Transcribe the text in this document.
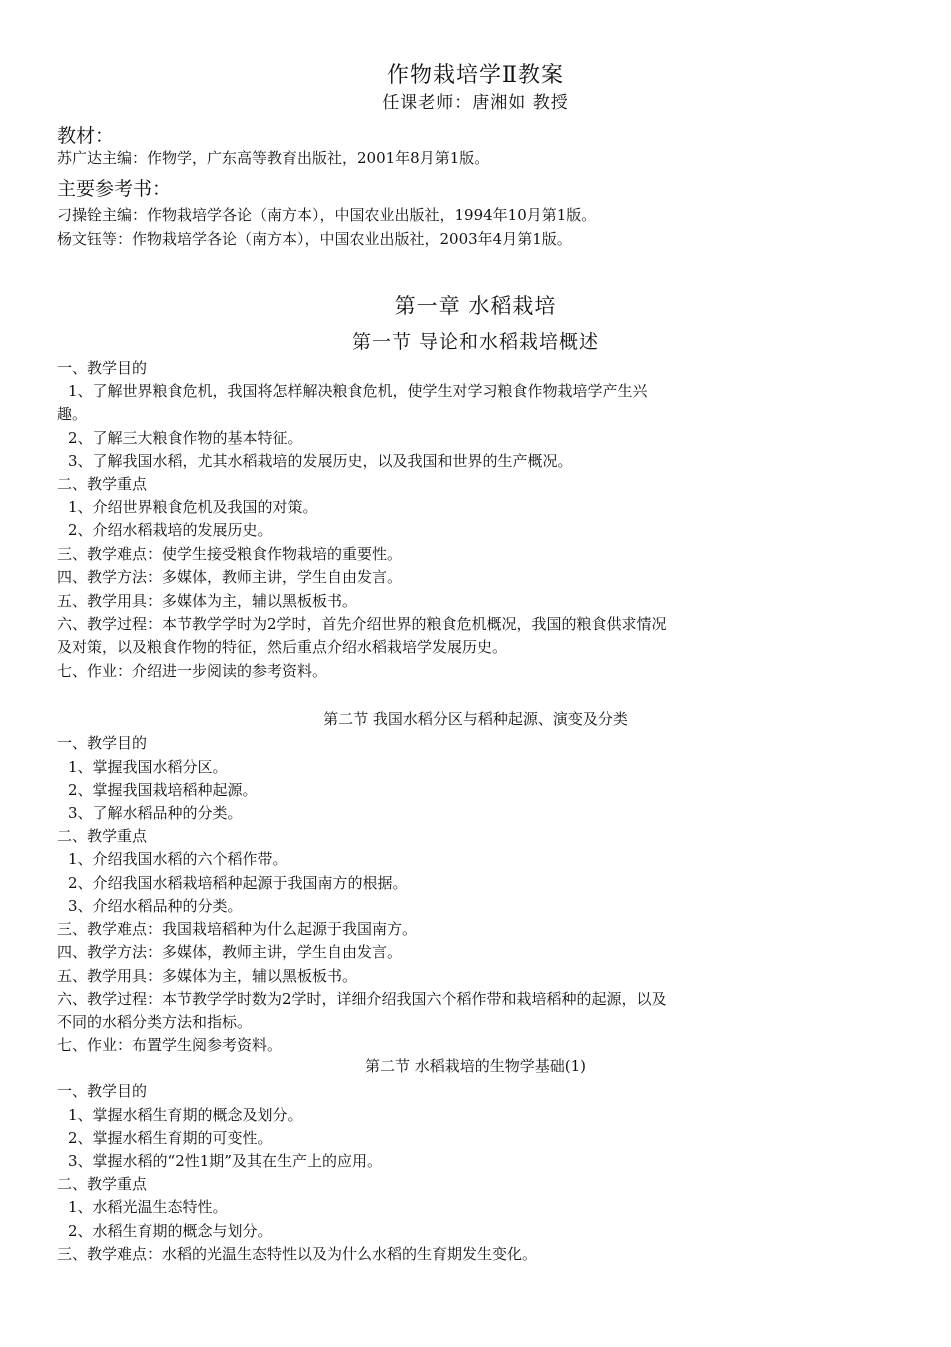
作物栽培学Ⅱ教案
任课老师：唐湘如 教授
教材：
苏广达主编：作物学，广东高等教育出版社，2001年8月第1版。
主要参考书：
刁操铨主编：作物栽培学各论（南方本），中国农业出版社，1994年10月第1版。
杨文钰等：作物栽培学各论（南方本），中国农业出版社，2003年4月第1版。
第一章 水稻栽培
第一节 导论和水稻栽培概述
一、教学目的
1、了解世界粮食危机，我国将怎样解决粮食危机，使学生对学习粮食作物栽培学产生兴
趣。
2、了解三大粮食作物的基本特征。
3、了解我国水稻，尤其水稻栽培的发展历史，以及我国和世界的生产概况。
二、教学重点
1、介绍世界粮食危机及我国的对策。
2、介绍水稻栽培的发展历史。
三、教学难点：使学生接受粮食作物栽培的重要性。
四、教学方法：多媒体，教师主讲，学生自由发言。
五、教学用具：多媒体为主，辅以黑板板书。
六、教学过程：本节教学学时为2学时，首先介绍世界的粮食危机概况，我国的粮食供求情况
及对策，以及粮食作物的特征，然后重点介绍水稻栽培学发展历史。
七、作业：介绍进一步阅读的参考资料。
第二节 我国水稻分区与稻种起源、演变及分类
一、教学目的
1、掌握我国水稻分区。
2、掌握我国栽培稻种起源。
3、了解水稻品种的分类。
二、教学重点
1、介绍我国水稻的六个稻作带。
2、介绍我国水稻栽培稻种起源于我国南方的根据。
3、介绍水稻品种的分类。
三、教学难点：我国栽培稻种为什么起源于我国南方。
四、教学方法：多媒体，教师主讲，学生自由发言。
五、教学用具：多媒体为主，辅以黑板板书。
六、教学过程：本节教学学时数为2学时，详细介绍我国六个稻作带和栽培稻种的起源，以及
不同的水稻分类方法和指标。
七、作业：布置学生阅参考资料。
第二节 水稻栽培的生物学基础(1)
一、教学目的
1、掌握水稻生育期的概念及划分。
2、掌握水稻生育期的可变性。
3、掌握水稻的“2性1期”及其在生产上的应用。
二、教学重点
1、水稻光温生态特性。
2、水稻生育期的概念与划分。
三、教学难点：水稻的光温生态特性以及为什么水稻的生育期发生变化。
